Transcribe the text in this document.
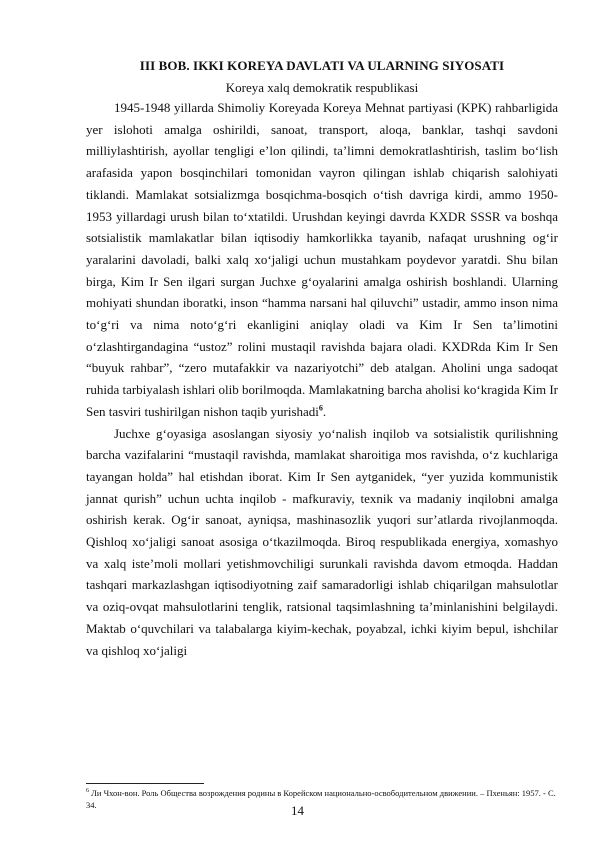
III BOB. IKKI KOREYA DAVLATI VA ULARNING SIYOSATI

Koreya xalq demokratik respublikasi

1945-1948 yillarda Shimoliy Koreyada Koreya Mehnat partiyasi (KPK) rahbarligida yer islohoti amalga oshirildi, sanoat, transport, aloqa, banklar, tashqi savdoni milliylashtirish, ayollar tengligi e’lon qilindi, ta’limni demokratlashtirish, taslim bo‘lish arafasida yapon bosqinchilari tomonidan vayron qilingan ishlab chiqarish salohiyati tiklandi. Mamlakat sotsializmga bosqichma-bosqich o‘tish davriga kirdi, ammo 1950-1953 yillardagi urush bilan to‘xtatildi. Urushdan keyingi davrda KXDR SSSR va boshqa sotsialistik mamlakatlar bilan iqtisodiy hamkorlikka tayanib, nafaqat urushning og‘ir yaralarini davoladi, balki xalq xo‘jaligi uchun mustahkam poydevor yaratdi. Shu bilan birga, Kim Ir Sen ilgari surgan Juchxe g‘oyalarini amalga oshirish boshlandi. Ularning mohiyati shundan iboratki, inson “hamma narsani hal qiluvchi” ustadir, ammo inson nima to‘g‘ri va nima noto‘g‘ri ekanligini aniqlay oladi va Kim Ir Sen ta’limotini o‘zlashtirgandagina “ustoz” rolini mustaqil ravishda bajara oladi. KXDRda Kim Ir Sen “buyuk rahbar”, “zero mutafakkir va nazariyotchi” deb atalgan. Aholini unga sadoqat ruhida tarbiyalash ishlari olib borilmoqda. Mamlakatning barcha aholisi ko‘kragida Kim Ir Sen tasviri tushirilgan nishon taqib yurishadi$^6$.

Juchxe g‘oyasiga asoslangan siyosiy yo‘nalish inqilob va sotsialistik qurilishning barcha vazifalarini “mustaqil ravishda, mamlakat sharoitiga mos ravishda, o‘z kuchlariga tayangan holda” hal etishdan iborat. Kim Ir Sen aytganidek, “yer yuzida kommunistik jannat qurish” uchun uchta inqilob - mafkuraviy, texnik va madaniy inqilobni amalga oshirish kerak. Og‘ir sanoat, ayniqsa, mashinasozlik yuqori sur’atlarda rivojlanmoqda. Qishloq xo‘jaligi sanoat asosiga o‘tkazilmoqda. Biroq respublikada energiya, xomashyo va xalq iste’moli mollari yetishmovchiligi surunkali ravishda davom etmoqda. Haddan tashqari markazlashgan iqtisodiyotning zaif samaradorligi ishlab chiqarilgan mahsulotlar va oziq-ovqat mahsulotlarini tenglik, ratsional taqsimlashning ta’minlanishini belgilaydi. Maktab o‘quvchilari va talabalarga kiyim-kechak, poyabzal, ichki kiyim bepul, ishchilar va qishloq xo‘jaligi

$^6$ Ли Чхон-вон. Роль Общества возрождения родины в Корейском национально-освободительном движении. – Пхеньян: 1957. - С. 34.	14
